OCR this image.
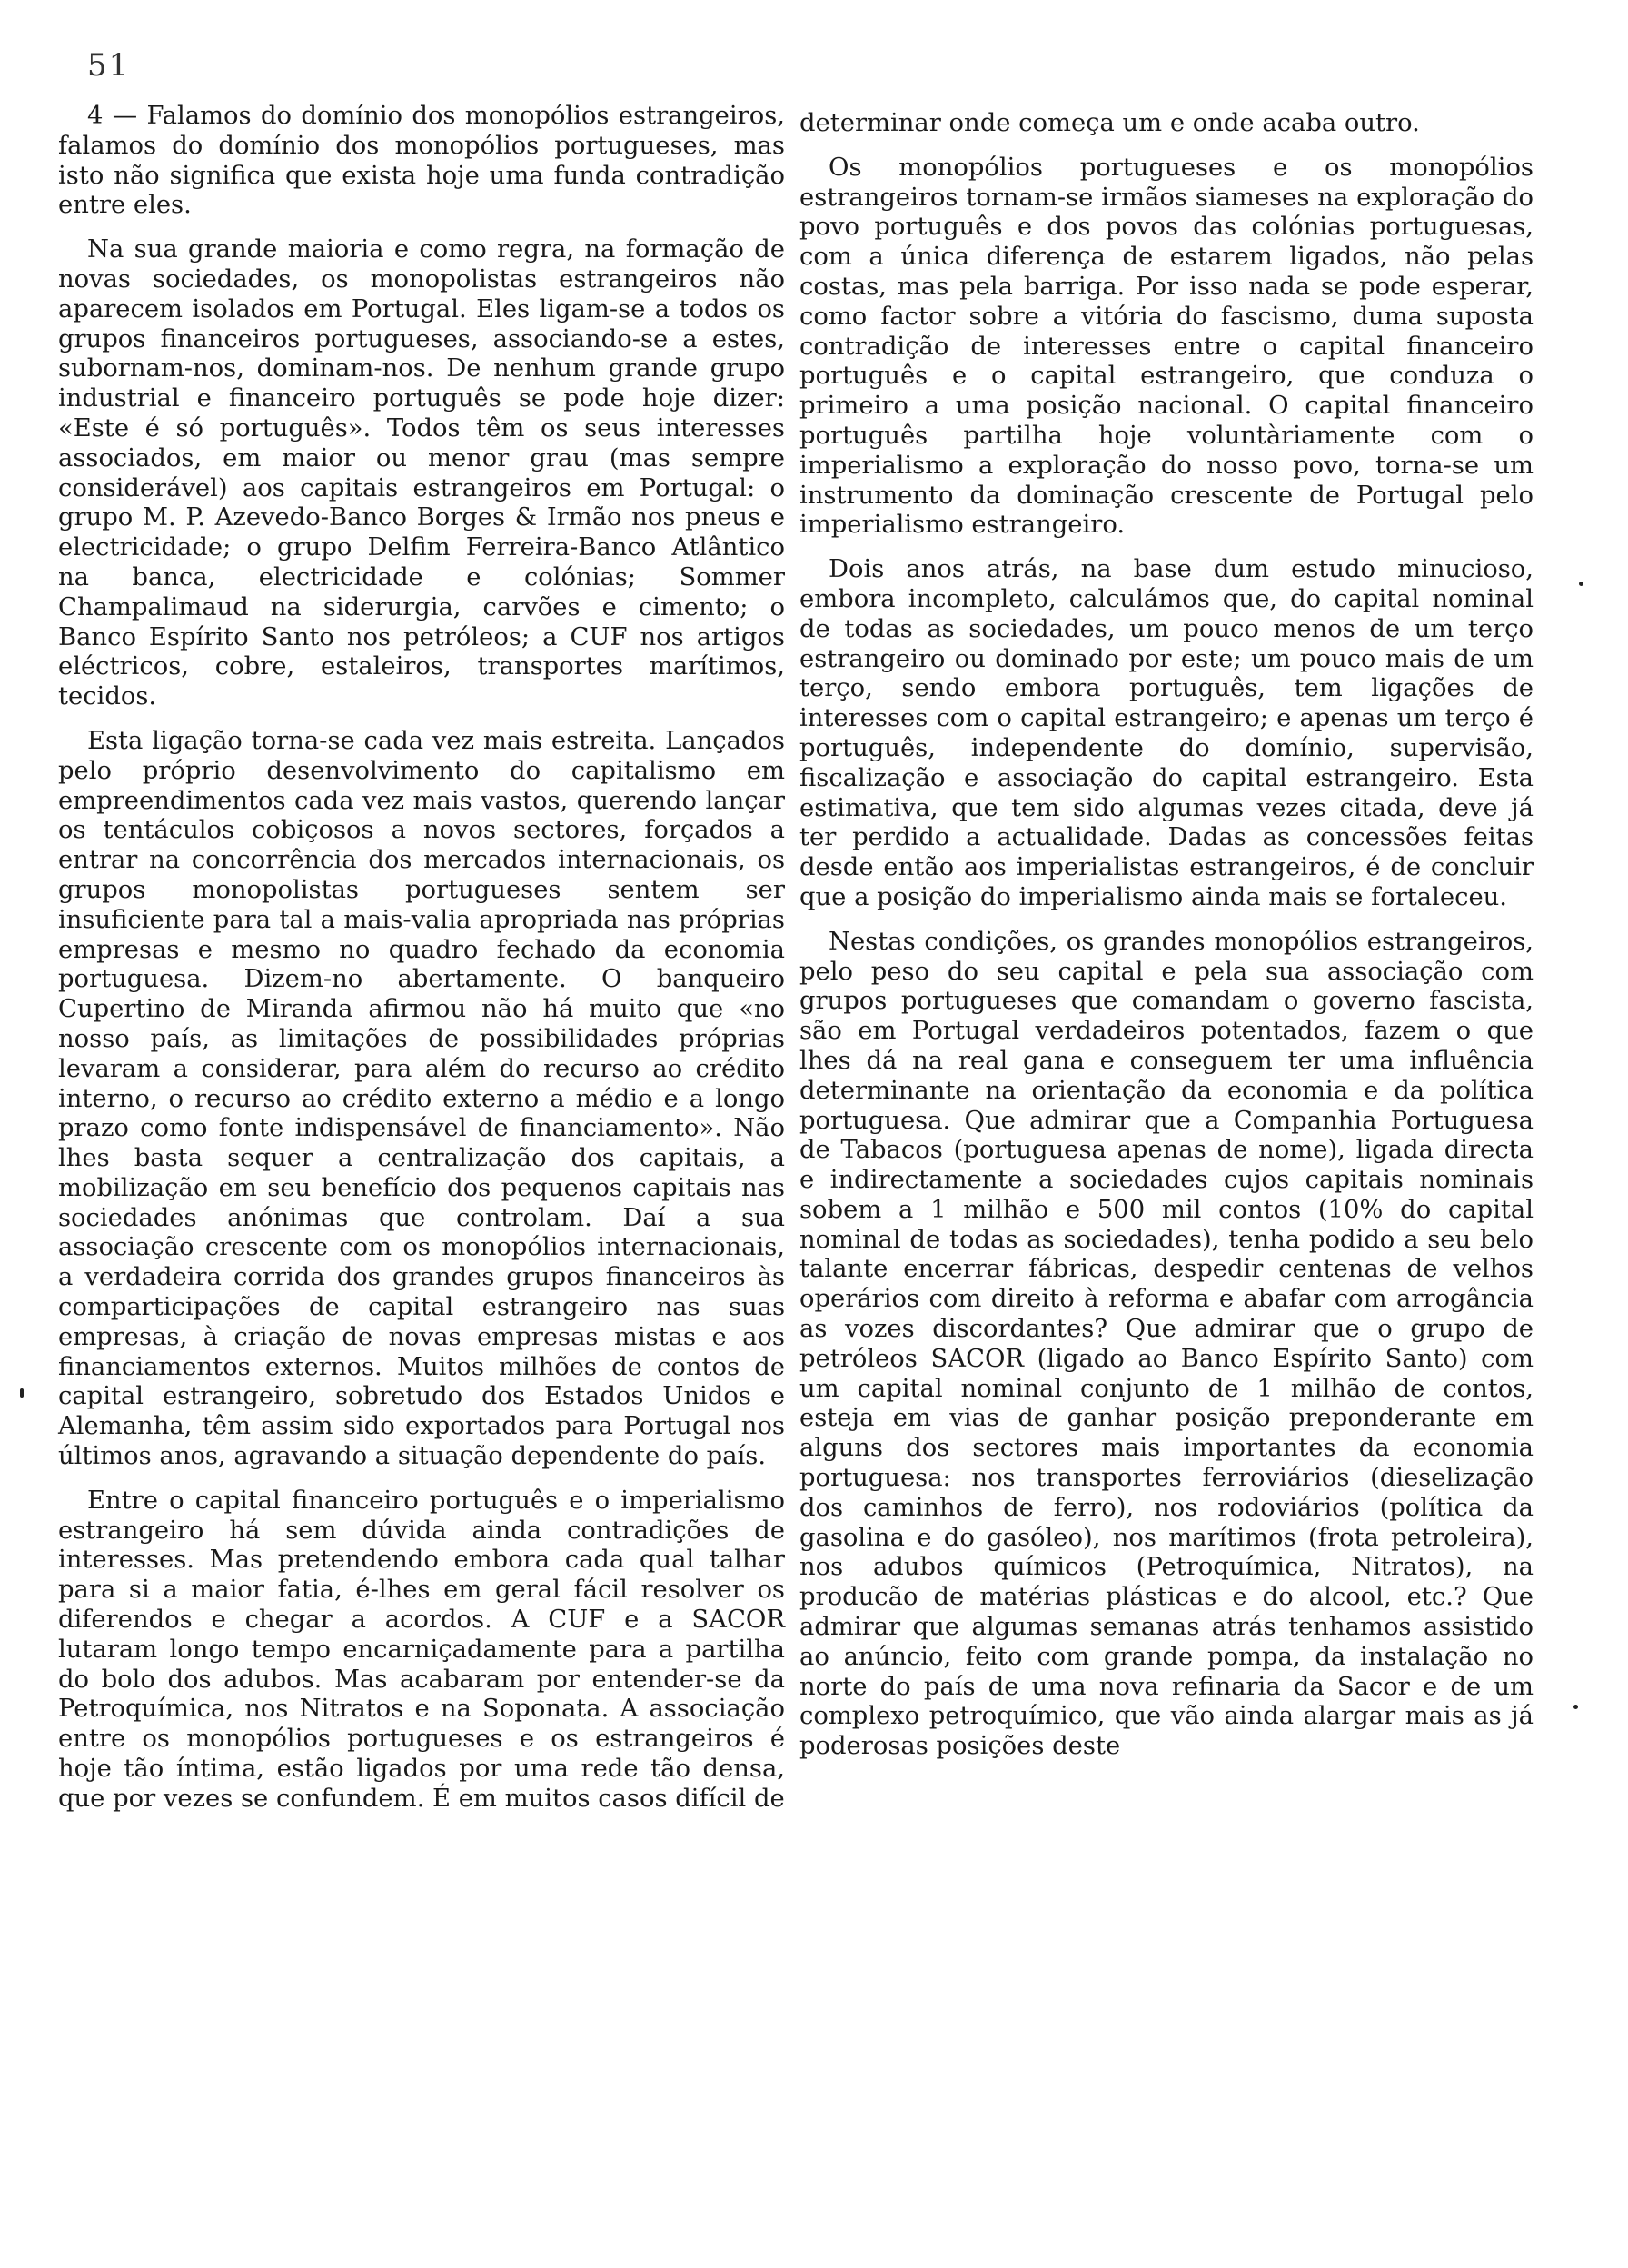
51

4 — Falamos do domínio dos monopólios estrangeiros, falamos do domínio dos monopólios portugueses, mas isto não significa que exista hoje uma funda contradição entre eles.

Na sua grande maioria e como regra, na formação de novas sociedades, os monopolistas estrangeiros não aparecem isolados em Portugal. Eles ligam-se a todos os grupos financeiros portugueses, associando-se a estes, subornam-nos, dominam-nos. De nenhum grande grupo industrial e financeiro português se pode hoje dizer: «Este é só português». Todos têm os seus interesses associados, em maior ou menor grau (mas sempre considerável) aos capitais estrangeiros em Portugal: o grupo M. P. Azevedo-Banco Borges & Irmão nos pneus e electricidade; o grupo Delfim Ferreira-Banco Atlântico na banca, electricidade e colónias; Sommer Champalimaud na siderurgia, carvões e cimento; o Banco Espírito Santo nos petróleos; a CUF nos artigos eléctricos, cobre, estaleiros, transportes marítimos, tecidos.

Esta ligação torna-se cada vez mais estreita. Lançados pelo próprio desenvolvimento do capitalismo em empreendimentos cada vez mais vastos, querendo lançar os tentáculos cobiçosos a novos sectores, forçados a entrar na concorrência dos mercados internacionais, os grupos monopolistas portugueses sentem ser insuficiente para tal a mais-valia apropriada nas próprias empresas e mesmo no quadro fechado da economia portuguesa. Dizem-no abertamente. O banqueiro Cupertino de Miranda afirmou não há muito que «no nosso país, as limitações de possibilidades próprias levaram a considerar, para além do recurso ao crédito interno, o recurso ao crédito externo a médio e a longo prazo como fonte indispensável de financiamento». Não lhes basta sequer a centralização dos capitais, a mobilização em seu benefício dos pequenos capitais nas sociedades anónimas que controlam. Daí a sua associação crescente com os monopólios internacionais, a verdadeira corrida dos grandes grupos financeiros às comparticipações de capital estrangeiro nas suas empresas, à criação de novas empresas mistas e aos financiamentos externos. Muitos milhões de contos de capital estrangeiro, sobretudo dos Estados Unidos e Alemanha, têm assim sido exportados para Portugal nos últimos anos, agravando a situação dependente do país.

Entre o capital financeiro português e o imperialismo estrangeiro há sem dúvida ainda contradições de interesses. Mas pretendendo embora cada qual talhar para si a maior fatia, é-lhes em geral fácil resolver os diferendos e chegar a acordos. A CUF e a SACOR lutaram longo tempo encarniçadamente para a partilha do bolo dos adubos. Mas acabaram por entender-se da Petroquímica, nos Nitratos e na Soponata. A associação entre os monopólios portugueses e os estrangeiros é hoje tão íntima, estão ligados por uma rede tão densa, que por vezes se confundem. É em muitos casos difícil de

determinar onde começa um e onde acaba outro.

Os monopólios portugueses e os monopólios estrangeiros tornam-se irmãos siameses na exploração do povo português e dos povos das colónias portuguesas, com a única diferença de estarem ligados, não pelas costas, mas pela barriga. Por isso nada se pode esperar, como factor sobre a vitória do fascismo, duma suposta contradição de interesses entre o capital financeiro português e o capital estrangeiro, que conduza o primeiro a uma posição nacional. O capital financeiro português partilha hoje voluntàriamente com o imperialismo a exploração do nosso povo, torna-se um instrumento da dominação crescente de Portugal pelo imperialismo estrangeiro.

Dois anos atrás, na base dum estudo minucioso, embora incompleto, calculámos que, do capital nominal de todas as sociedades, um pouco menos de um terço estrangeiro ou dominado por este; um pouco mais de um terço, sendo embora português, tem ligações de interesses com o capital estrangeiro; e apenas um terço é português, independente do domínio, supervisão, fiscalização e associação do capital estrangeiro. Esta estimativa, que tem sido algumas vezes citada, deve já ter perdido a actualidade. Dadas as concessões feitas desde então aos imperialistas estrangeiros, é de concluir que a posição do imperialismo ainda mais se fortaleceu.

Nestas condições, os grandes monopólios estrangeiros, pelo peso do seu capital e pela sua associação com grupos portugueses que comandam o governo fascista, são em Portugal verdadeiros potentados, fazem o que lhes dá na real gana e conseguem ter uma influência determinante na orientação da economia e da política portuguesa. Que admirar que a Companhia Portuguesa de Tabacos (portuguesa apenas de nome), ligada directa e indirectamente a sociedades cujos capitais nominais sobem a 1 milhão e 500 mil contos (10% do capital nominal de todas as sociedades), tenha podido a seu belo talante encerrar fábricas, despedir centenas de velhos operários com direito à reforma e abafar com arrogância as vozes discordantes? Que admirar que o grupo de petróleos SACOR (ligado ao Banco Espírito Santo) com um capital nominal conjunto de 1 milhão de contos, esteja em vias de ganhar posição preponderante em alguns dos sectores mais importantes da economia portuguesa: nos transportes ferroviários (dieselização dos caminhos de ferro), nos rodoviários (política da gasolina e do gasóleo), nos marítimos (frota petroleira), nos adubos químicos (Petroquímica, Nitratos), na producão de matérias plásticas e do alcool, etc.? Que admirar que algumas semanas atrás tenhamos assistido ao anúncio, feito com grande pompa, da instalação no norte do país de uma nova refinaria da Sacor e de um complexo petroquímico, que vão ainda alargar mais as já poderosas posições deste
